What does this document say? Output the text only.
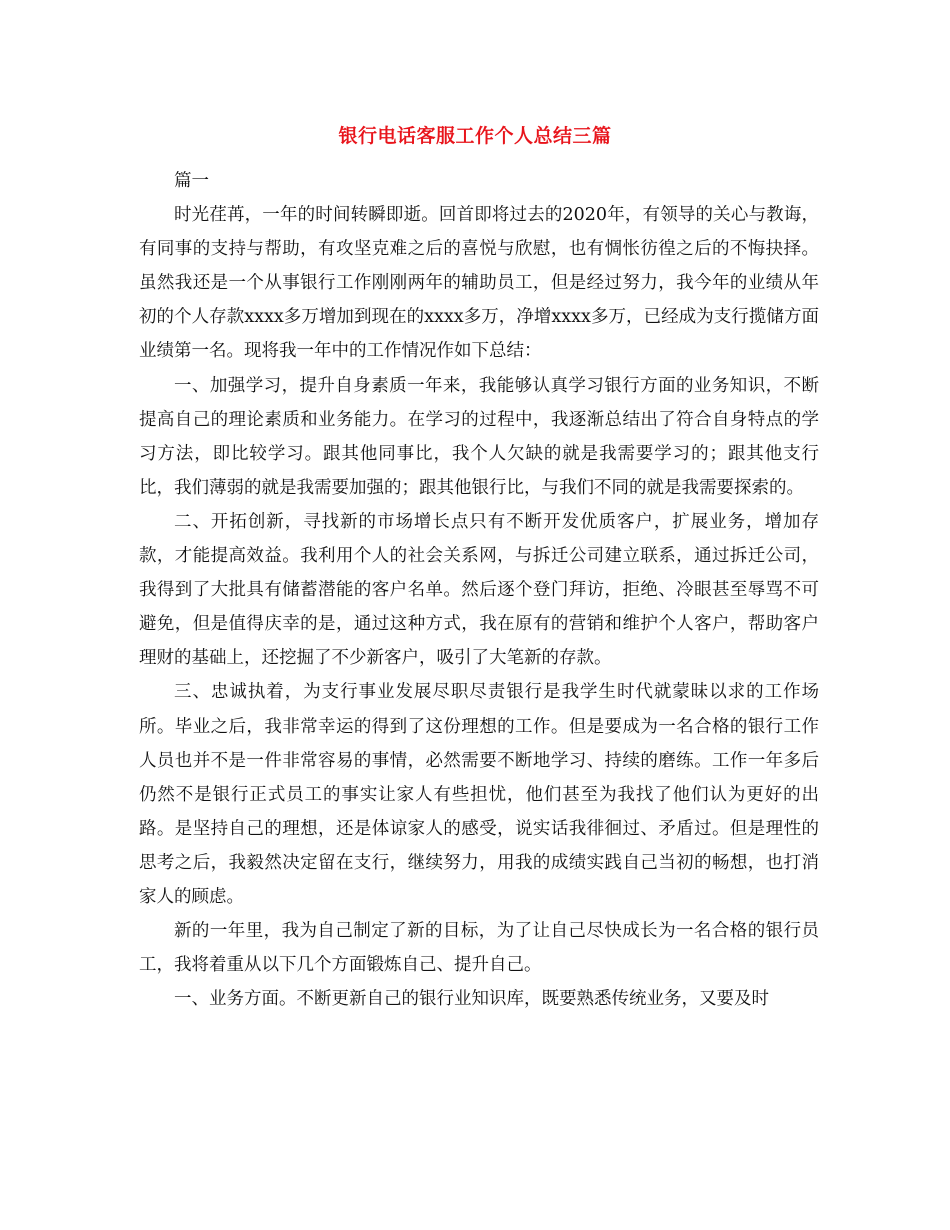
银行电话客服工作个人总结三篇

篇一

时光荏苒，一年的时间转瞬即逝。回首即将过去的2020年，有领导的关心与教诲，有同事的支持与帮助，有攻坚克难之后的喜悦与欣慰，也有惆怅彷徨之后的不悔抉择。虽然我还是一个从事银行工作刚刚两年的辅助员工，但是经过努力，我今年的业绩从年初的个人存款xxxx多万增加到现在的xxxx多万，净增xxxx多万，已经成为支行揽储方面业绩第一名。现将我一年中的工作情况作如下总结：

一、加强学习，提升自身素质一年来，我能够认真学习银行方面的业务知识，不断提高自己的理论素质和业务能力。在学习的过程中，我逐渐总结出了符合自身特点的学习方法，即比较学习。跟其他同事比，我个人欠缺的就是我需要学习的；跟其他支行比，我们薄弱的就是我需要加强的；跟其他银行比，与我们不同的就是我需要探索的。

二、开拓创新，寻找新的市场增长点只有不断开发优质客户，扩展业务，增加存款，才能提高效益。我利用个人的社会关系网，与拆迁公司建立联系，通过拆迁公司，我得到了大批具有储蓄潜能的客户名单。然后逐个登门拜访，拒绝、冷眼甚至辱骂不可避免，但是值得庆幸的是，通过这种方式，我在原有的营销和维护个人客户，帮助客户理财的基础上，还挖掘了不少新客户，吸引了大笔新的存款。

三、忠诚执着，为支行事业发展尽职尽责银行是我学生时代就蒙昧以求的工作场所。毕业之后，我非常幸运的得到了这份理想的工作。但是要成为一名合格的银行工作人员也并不是一件非常容易的事情，必然需要不断地学习、持续的磨练。工作一年多后仍然不是银行正式员工的事实让家人有些担忧，他们甚至为我找了他们认为更好的出路。是坚持自己的理想，还是体谅家人的感受，说实话我徘徊过、矛盾过。但是理性的思考之后，我毅然决定留在支行，继续努力，用我的成绩实践自己当初的畅想，也打消家人的顾虑。

新的一年里，我为自己制定了新的目标，为了让自己尽快成长为一名合格的银行员工，我将着重从以下几个方面锻炼自己、提升自己。

一、业务方面。不断更新自己的银行业知识库，既要熟悉传统业务，又要及时
